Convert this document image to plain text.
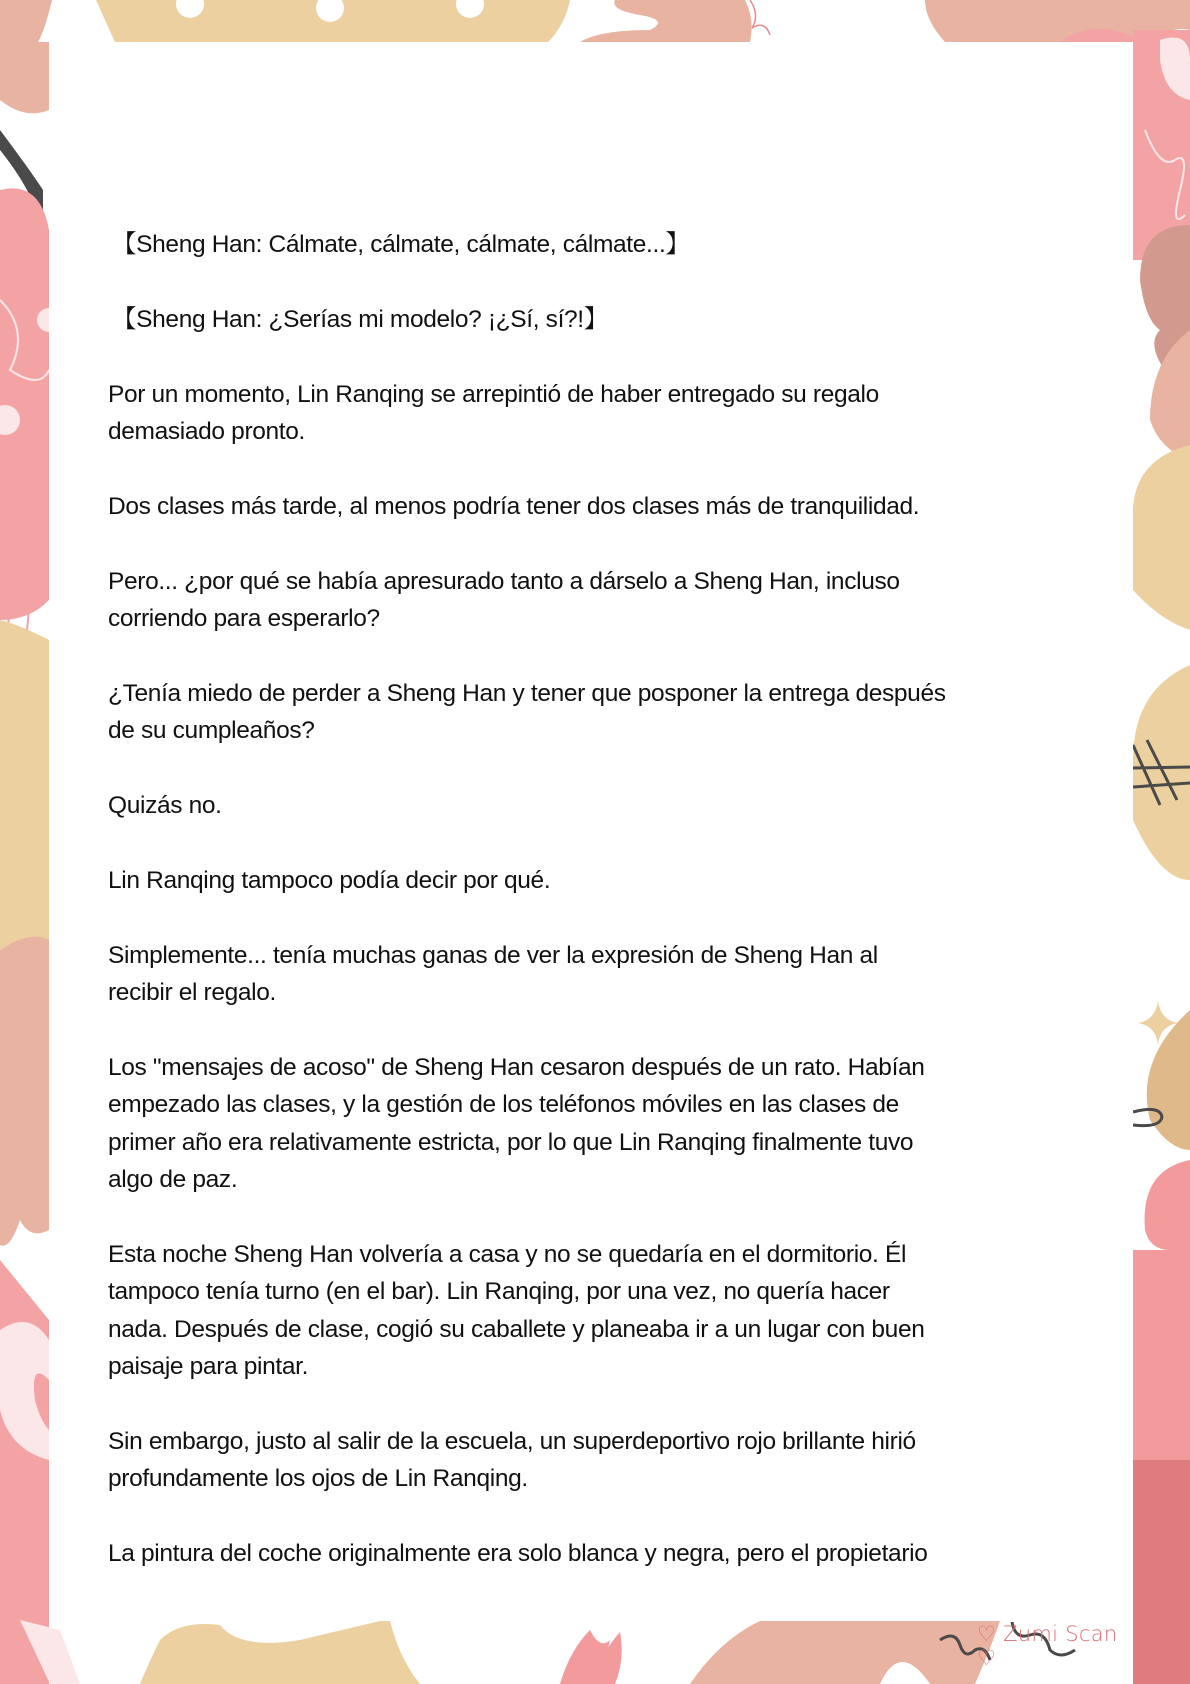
【Sheng Han: Cálmate, cálmate, cálmate, cálmate...】

【Sheng Han: ¿Serías mi modelo? ¡¿Sí, sí?!】

Por un momento, Lin Ranqing se arrepintió de haber entregado su regalo
demasiado pronto.

Dos clases más tarde, al menos podría tener dos clases más de tranquilidad.

Pero... ¿por qué se había apresurado tanto a dárselo a Sheng Han, incluso
corriendo para esperarlo?

¿Tenía miedo de perder a Sheng Han y tener que posponer la entrega después
de su cumpleaños?

Quizás no.

Lin Ranqing tampoco podía decir por qué.

Simplemente... tenía muchas ganas de ver la expresión de Sheng Han al
recibir el regalo.

Los "mensajes de acoso" de Sheng Han cesaron después de un rato. Habían
empezado las clases, y la gestión de los teléfonos móviles en las clases de
primer año era relativamente estricta, por lo que Lin Ranqing finalmente tuvo
algo de paz.

Esta noche Sheng Han volvería a casa y no se quedaría en el dormitorio. Él
tampoco tenía turno (en el bar). Lin Ranqing, por una vez, no quería hacer
nada. Después de clase, cogió su caballete y planeaba ir a un lugar con buen
paisaje para pintar.

Sin embargo, justo al salir de la escuela, un superdeportivo rojo brillante hirió
profundamente los ojos de Lin Ranqing.

La pintura del coche originalmente era solo blanca y negra, pero el propietario

♡ Zumi Scan ♡
